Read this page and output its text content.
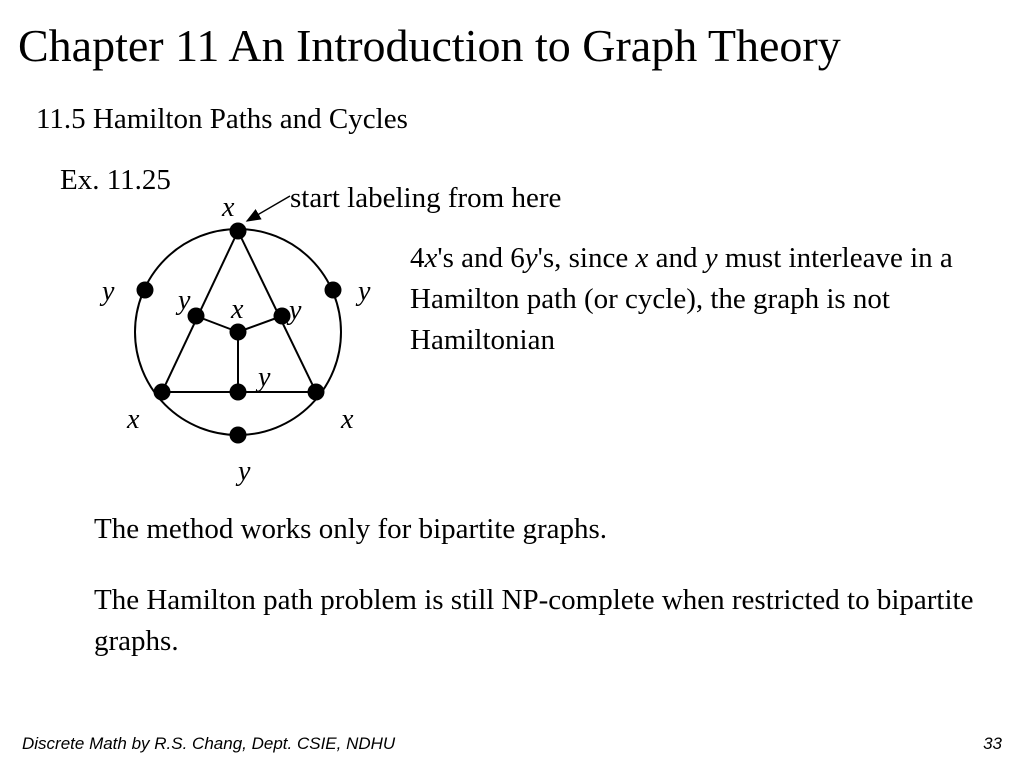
Chapter 11 An Introduction to Graph Theory
11.5 Hamilton Paths and Cycles
Ex. 11.25
start labeling from here
x
y	y
y x y
y
x	x
y
4x's and 6y's, since x and y must interleave in a Hamilton path (or cycle), the graph is not Hamiltonian
The method works only for bipartite graphs.
The Hamilton path problem is still NP-complete when restricted to bipartite graphs.
Discrete Math by R.S. Chang, Dept. CSIE, NDHU	33
